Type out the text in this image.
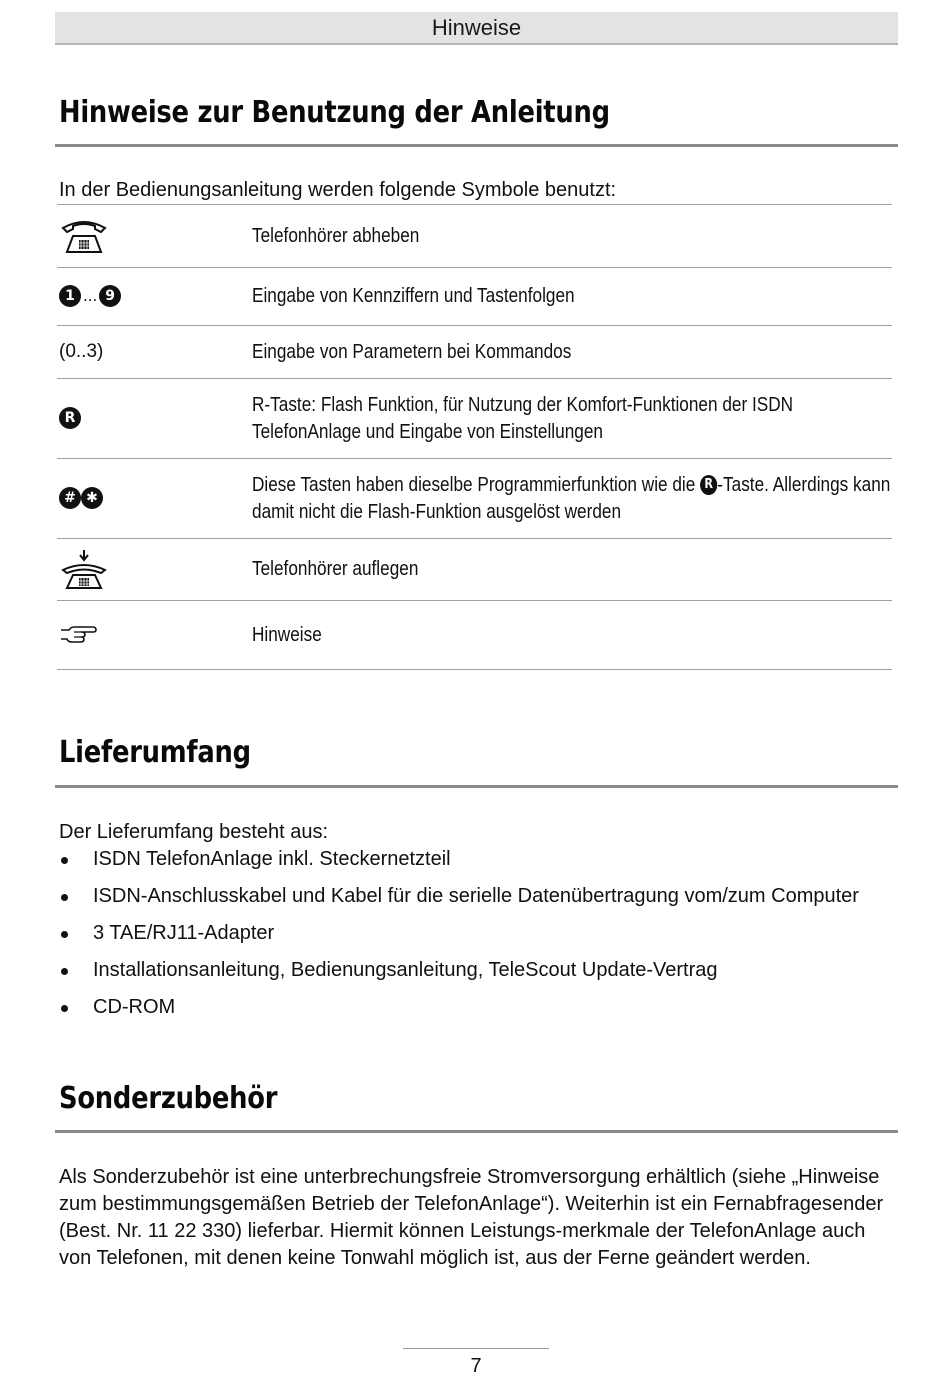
Hinweise
Hinweise zur Benutzung der Anleitung

In der Bedienungsanleitung werden folgende Symbole benutzt:

	Telefonhörer abheben
1 ... 9	Eingabe von Kennziffern und Tastenfolgen
(0..3)	Eingabe von Parametern bei Kommandos
R	R-Taste: Flash Funktion, für Nutzung der Komfort-Funktionen der ISDN TelefonAnlage und Eingabe von Einstellungen
# ✱	Diese Tasten haben dieselbe Programmierfunktion wie die R -Taste. Allerdings kann damit nicht die Flash-Funktion ausgelöst werden

	Telefonhörer auflegen

	Hinweise
Lieferumfang

Der Lieferumfang besteht aus:

ISDN TelefonAnlage inkl. Steckernetzteil
ISDN-Anschlusskabel und Kabel für die serielle Datenübertragung vom/zum Computer
3 TAE/RJ11-Adapter
Installationsanleitung, Bedienungsanleitung, TeleScout Update-Vertrag
CD-ROM
Sonderzubehör

Als Sonderzubehör ist eine unterbrechungsfreie Stromversorgung erhältlich (siehe „Hinweise zum bestimmungsgemäßen Betrieb der TelefonAnlage“). Weiterhin ist ein Fernabfragesender (Best. Nr. 11 22 330) lieferbar. Hiermit können Leistungs-merkmale der TelefonAnlage auch von Telefonen, mit denen keine Tonwahl möglich ist, aus der Ferne geändert werden.

7
